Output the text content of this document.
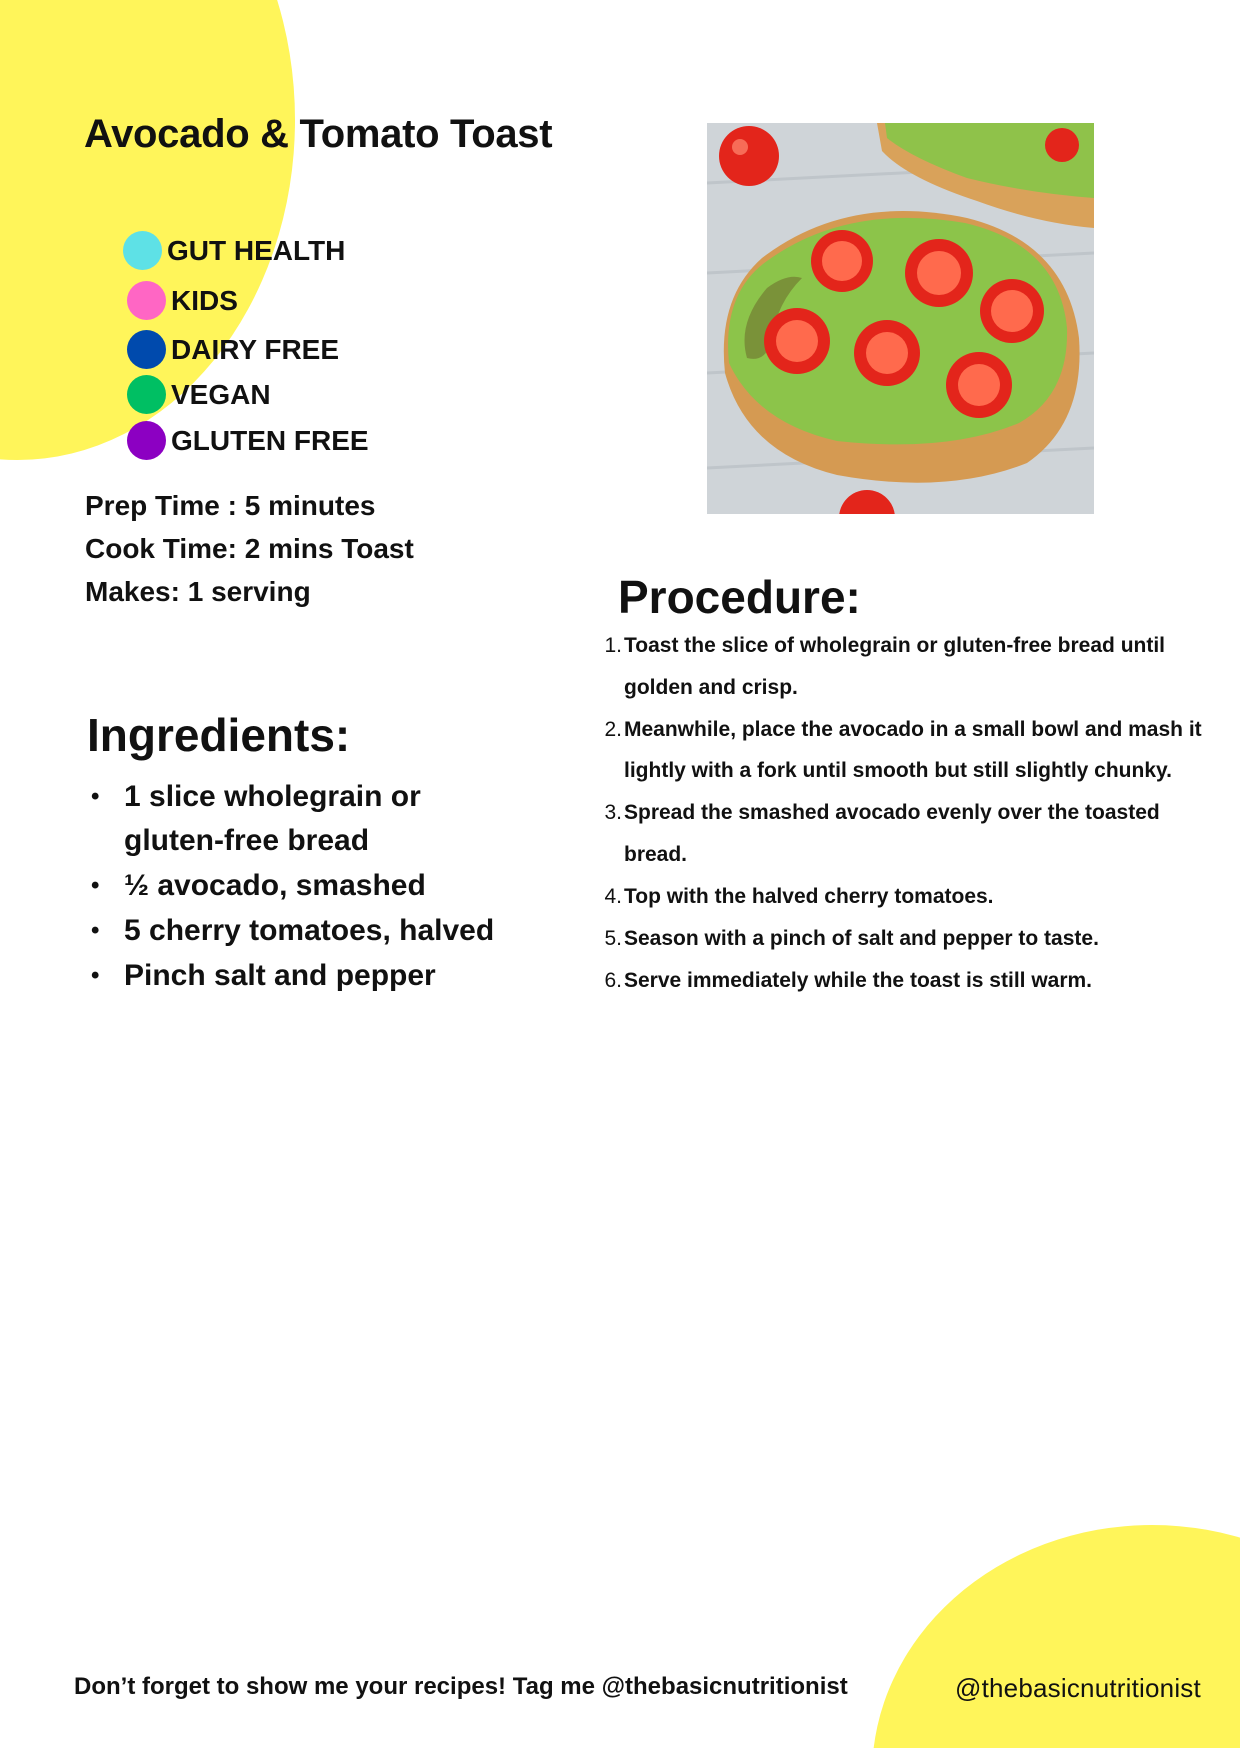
Avocado & Tomato Toast
GUT HEALTH
KIDS
DAIRY FREE
VEGAN
GLUTEN FREE
Prep Time : 5 minutes
Cook Time: 2 mins Toast
Makes: 1 serving	Procedure:
1. Toast the slice of wholegrain or gluten-free bread until golden and crisp.
2. Meanwhile, place the avocado in a small bowl and mash it lightly with a fork until smooth but still slightly chunky.
3. Spread the smashed avocado evenly over the toasted bread.
4. Top with the halved cherry tomatoes.
5. Season with a pinch of salt and pepper to taste.
6. Serve immediately while the toast is still warm.
Ingredients:
• 1 slice wholegrain or gluten-free bread
• ½ avocado, smashed
• 5 cherry tomatoes, halved
• Pinch salt and pepper
Don’t forget to show me your recipes! Tag me @thebasicnutritionist	@thebasicnutritionist
